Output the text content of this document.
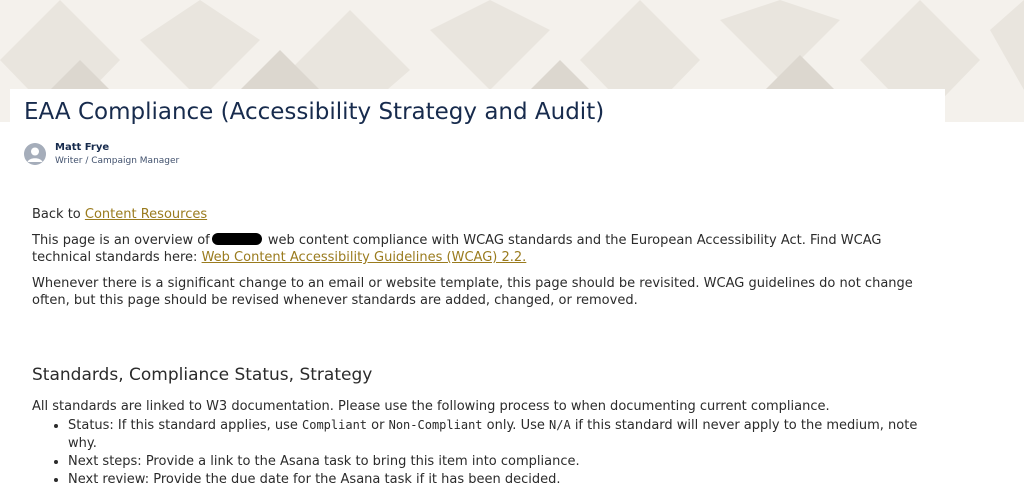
EAA Compliance (Accessibility Strategy and Audit)
Matt Frye
Writer / Campaign Manager

Back to Content Resources

This page is an overview of	web content compliance with WCAG standards and the European Accessibility Act. Find WCAG technical standards here: Web Content Accessibility Guidelines (WCAG) 2.2.

Whenever there is a significant change to an email or website template, this page should be revisited. WCAG guidelines do not change often, but this page should be revised whenever standards are added, changed, or removed.

Standards, Compliance Status, Strategy

All standards are linked to W3 documentation. Please use the following process to when documenting current compliance.

• Status: If this standard applies, use Compliant or Non-Compliant only. Use N/A if this standard will never apply to the medium, note why.
• Next steps: Provide a link to the Asana task to bring this item into compliance.
• Next review: Provide the due date for the Asana task if it has been decided.
